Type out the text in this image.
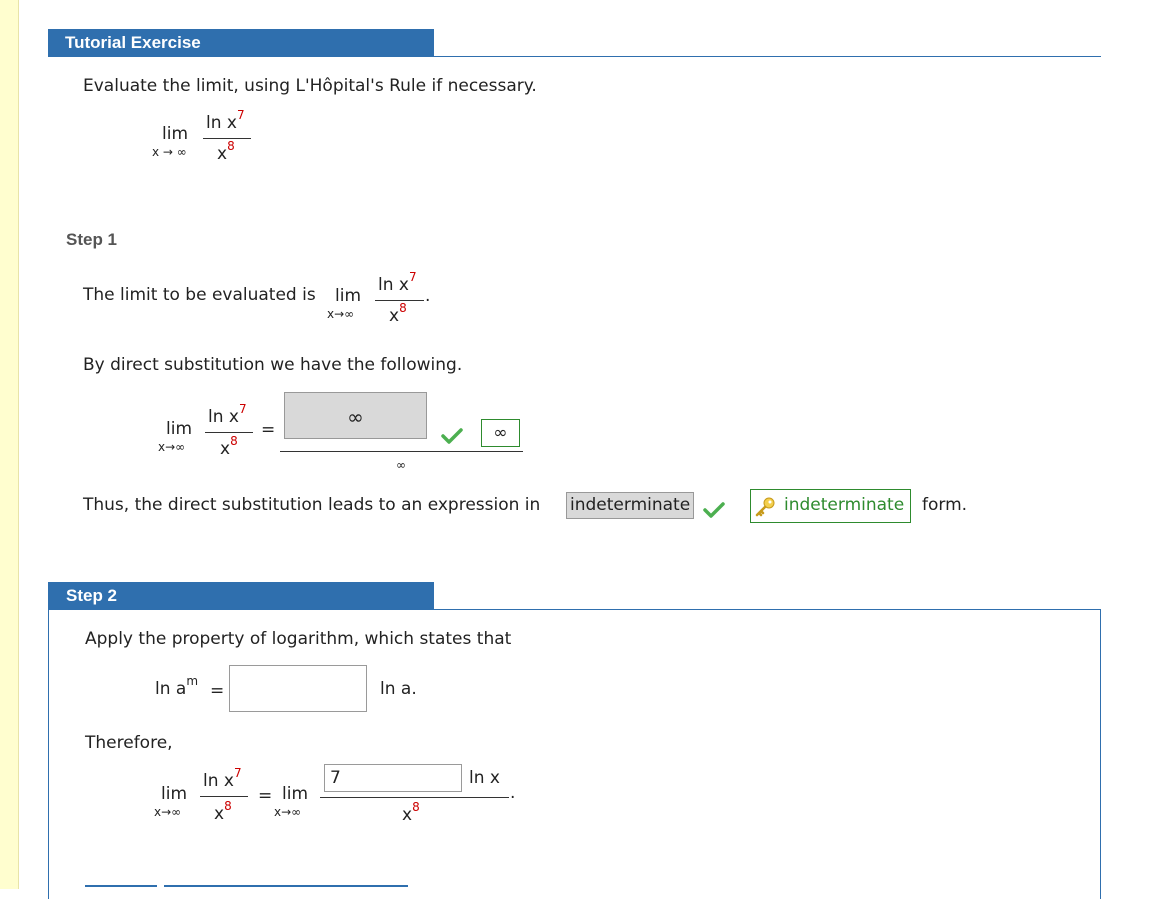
Tutorial Exercise
Evaluate the limit, using L'Hôpital's Rule if necessary.
lim
x → ∞
$\ln x^7$
$x^8$
Step 1
The limit to be evaluated is lim
x→∞
$\ln x^7$
.
$x^8$
By direct substitution we have the following.
lim
x→∞
$\ln x^7$
$x^8$
=
∞
∞
∞
Thus, the direct substitution leads to an expression in indeterminate	indeterminate form.
Step 2
Apply the property of logarithm, which states that
$\ln a^m$ =	ln a.
Therefore,
lim
x→∞
$\ln x^7$
$x^8 = \lim$
x→∞
7	ln x
.
$x^8$
